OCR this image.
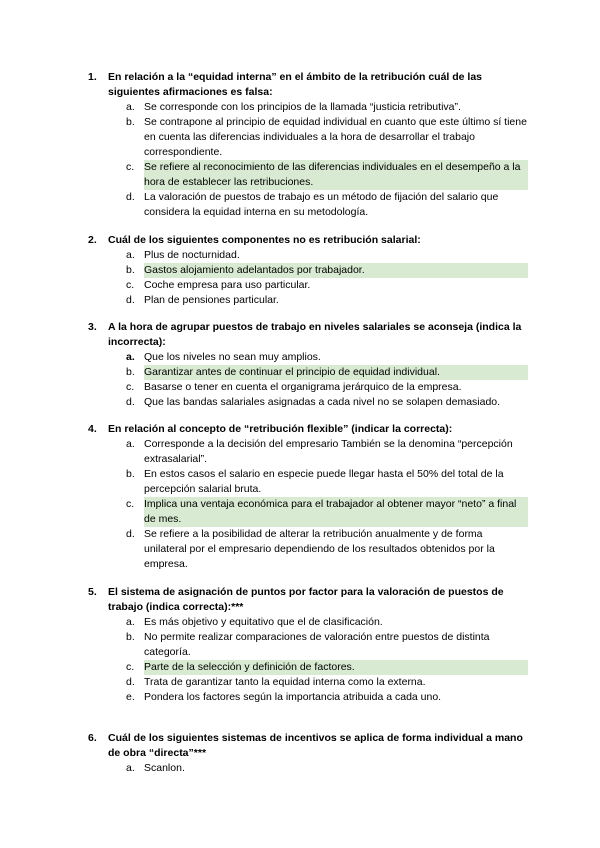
1. En relación a la “equidad interna” en el ámbito de la retribución cuál de las siguientes afirmaciones es falsa:
a. Se corresponde con los principios de la llamada “justicia retributiva”.
b. Se contrapone al principio de equidad individual en cuanto que este último sí tiene en cuenta las diferencias individuales a la hora de desarrollar el trabajo correspondiente.
c. Se refiere al reconocimiento de las diferencias individuales en el desempeño a la hora de establecer las retribuciones.
d. La valoración de puestos de trabajo es un método de fijación del salario que considera la equidad interna en su metodología.
2. Cuál de los siguientes componentes no es retribución salarial:
a. Plus de nocturnidad.
b. Gastos alojamiento adelantados por trabajador.
c. Coche empresa para uso particular.
d. Plan de pensiones particular.
3. A la hora de agrupar puestos de trabajo en niveles salariales se aconseja (indica la incorrecta):
a. Que los niveles no sean muy amplios.
b. Garantizar antes de continuar el principio de equidad individual.
c. Basarse o tener en cuenta el organigrama jerárquico de la empresa.
d. Que las bandas salariales asignadas a cada nivel no se solapen demasiado.
4. En relación al concepto de “retribución flexible” (indicar la correcta):
a. Corresponde a la decisión del empresario También se la denomina “percepción extrasalarial”.
b. En estos casos el salario en especie puede llegar hasta el 50% del total de la percepción salarial bruta.
c. Implica una ventaja económica para el trabajador al obtener mayor “neto” a final de mes.
d. Se refiere a la posibilidad de alterar la retribución anualmente y de forma unilateral por el empresario dependiendo de los resultados obtenidos por la empresa.
5. El sistema de asignación de puntos por factor para la valoración de puestos de trabajo (indica correcta):***
a. Es más objetivo y equitativo que el de clasificación.
b. No permite realizar comparaciones de valoración entre puestos de distinta categoría.
c. Parte de la selección y definición de factores.
d. Trata de garantizar tanto la equidad interna como la externa.
e. Pondera los factores según la importancia atribuida a cada uno.
6. Cuál de los siguientes sistemas de incentivos se aplica de forma individual a mano de obra “directa”***
a. Scanlon.
